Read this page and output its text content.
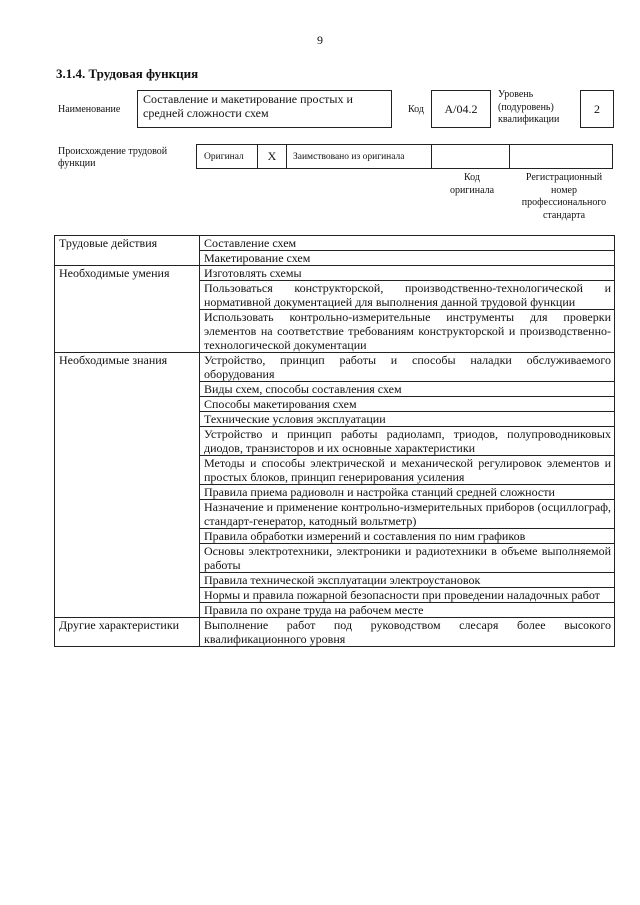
9
3.1.4. Трудовая функция
Наименование
Составление и макетирование простых и средней сложности схем	Код	A/04.2
Уровень
(подуровень)
квалификации
2
Происхождение трудовой
функции
Оригинал	X	Заимствовано из оригинала
Код
оригинала
Регистрационный
номер
профессионального
стандарта
Трудовые действия	Составление схем
	Макетирование схем
Необходимые умения	Изготовлять схемы
	Пользоваться конструкторской, производственно-технологической и нормативной документацией для выполнения данной трудовой функции
	Использовать контрольно-измерительные инструменты для проверки элементов на соответствие требованиям конструкторской и производственно-технологической документации
Необходимые знания	Устройство, принцип работы и способы наладки обслуживаемого оборудования
	Виды схем, способы составления схем
	Способы макетирования схем
	Технические условия эксплуатации
	Устройство и принцип работы радиоламп, триодов, полупроводниковых диодов, транзисторов и их основные характеристики
	Методы и способы электрической и механической регулировок элементов и простых блоков, принцип генерирования усиления
	Правила приема радиоволн и настройка станций средней сложности
	Назначение и применение контрольно-измерительных приборов (осциллограф, стандарт-генератор, катодный вольтметр)
	Правила обработки измерений и составления по ним графиков
	Основы электротехники, электроники и радиотехники в объеме выполняемой работы
	Правила технической эксплуатации электроустановок
	Нормы и правила пожарной безопасности при проведении наладочных работ
	Правила по охране труда на рабочем месте
Другие характеристики	Выполнение работ под руководством слесаря более высокого квалификационного уровня
